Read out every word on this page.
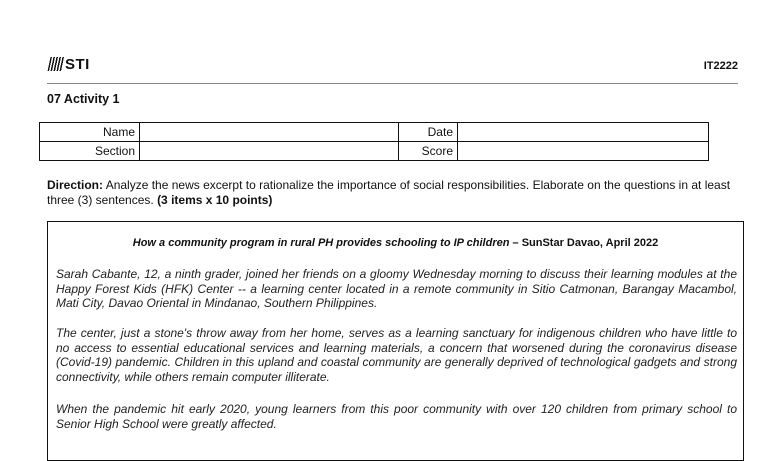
STI	IT2222
07 Activity 1
Name		Date	
Section		Score	
Direction: Analyze the news excerpt to rationalize the importance of social responsibilities. Elaborate on the questions in at least three (3) sentences. (3 items x 10 points)
How a community program in rural PH provides schooling to IP children – SunStar Davao, April 2022
Sarah Cabante, 12, a ninth grader, joined her friends on a gloomy Wednesday morning to discuss their learning modules at the Happy Forest Kids (HFK) Center -- a learning center located in a remote community in Sitio Catmonan, Barangay Macambol, Mati City, Davao Oriental in Mindanao, Southern Philippines.
The center, just a stone's throw away from her home, serves as a learning sanctuary for indigenous children who have little to no access to essential educational services and learning materials, a concern that worsened during the coronavirus disease (Covid-19) pandemic. Children in this upland and coastal community are generally deprived of technological gadgets and strong connectivity, while others remain computer illiterate.
When the pandemic hit early 2020, young learners from this poor community with over 120 children from primary school to Senior High School were greatly affected.
